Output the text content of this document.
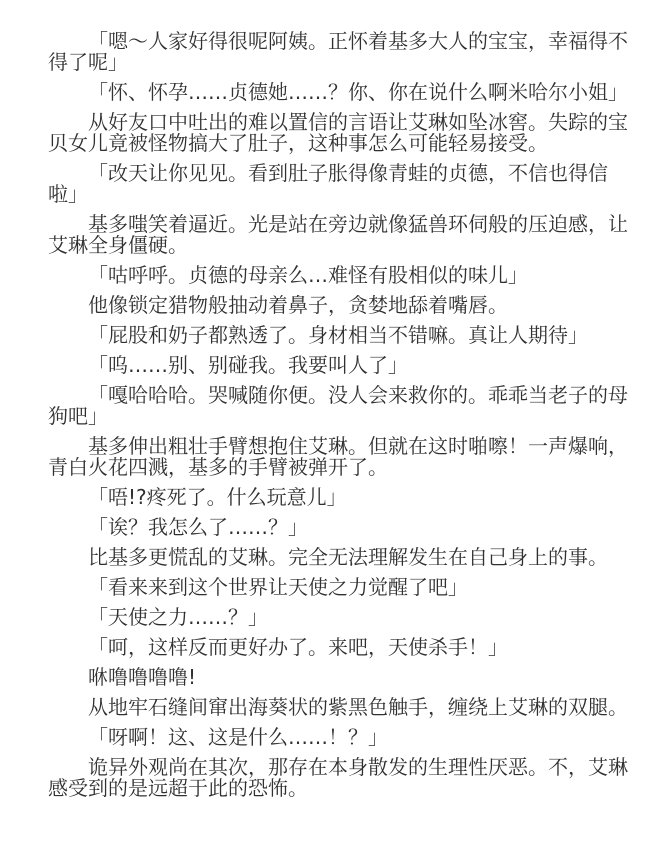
「嗯～人家好得很呢阿姨。正怀着基多大人的宝宝，幸福得不得了呢」

「怀、怀孕……贞德她……？你、你在说什么啊米哈尔小姐」

从好友口中吐出的难以置信的言语让艾琳如坠冰窖。失踪的宝贝女儿竟被怪物搞大了肚子，这种事怎么可能轻易接受。

「改天让你见见。看到肚子胀得像青蛙的贞德，不信也得信啦」

基多嗤笑着逼近。光是站在旁边就像猛兽环伺般的压迫感，让艾琳全身僵硬。

「咕呼呼。贞德的母亲么…难怪有股相似的味儿」

他像锁定猎物般抽动着鼻子，贪婪地舔着嘴唇。

「屁股和奶子都熟透了。身材相当不错嘛。真让人期待」

「呜……别、别碰我。我要叫人了」

「嘎哈哈哈。哭喊随你便。没人会来救你的。乖乖当老子的母狗吧」

基多伸出粗壮手臂想抱住艾琳。但就在这时啪嚓！一声爆响，青白火花四溅，基多的手臂被弹开了。

「唔!?疼死了。什么玩意儿」

「诶？我怎么了……？」

比基多更慌乱的艾琳。完全无法理解发生在自己身上的事。

「看来来到这个世界让天使之力觉醒了吧」

「天使之力……？」

「呵，这样反而更好办了。来吧，天使杀手！」

咻噜噜噜噜!

从地牢石缝间窜出海葵状的紫黑色触手，缠绕上艾琳的双腿。

「呀啊！这、这是什么……！？」

诡异外观尚在其次，那存在本身散发的生理性厌恶。不，艾琳感受到的是远超于此的恐怖。
